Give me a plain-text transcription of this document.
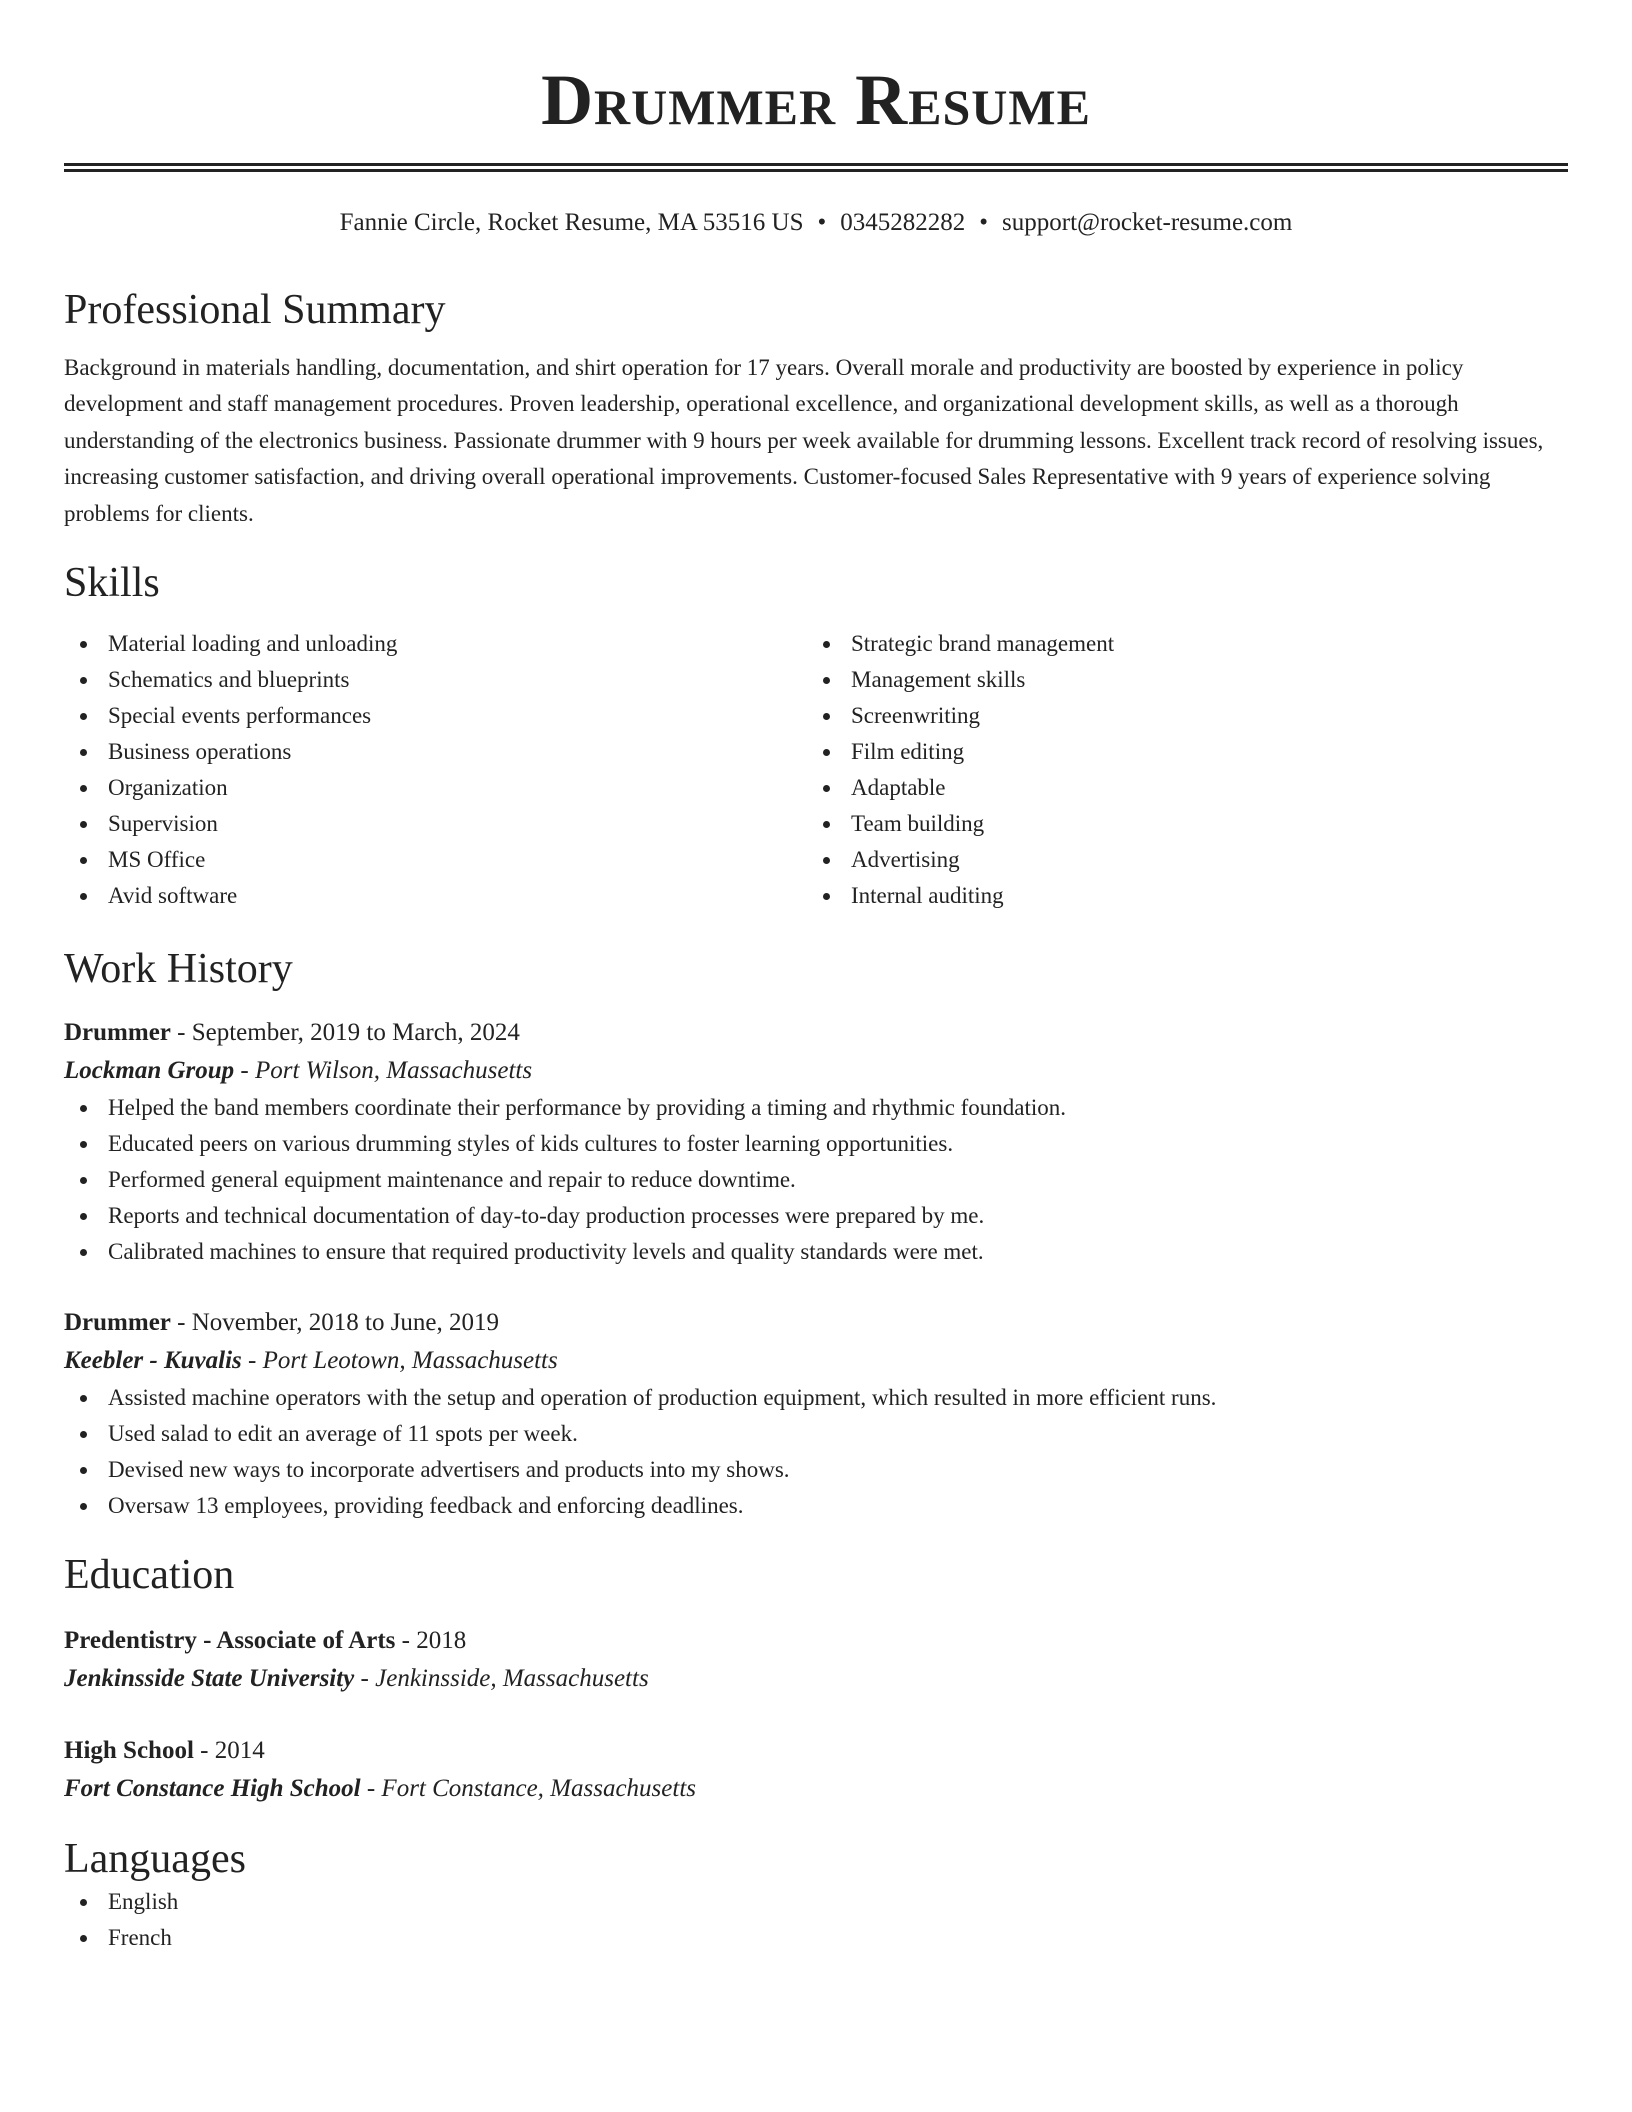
Drummer Resume
Fannie Circle, Rocket Resume, MA 53516 US • 0345282282 • support@rocket-resume.com
Professional Summary

Background in materials handling, documentation, and shirt operation for 17 years. Overall morale and productivity are boosted by experience in policy development and staff management procedures. Proven leadership, operational excellence, and organizational development skills, as well as a thorough understanding of the electronics business. Passionate drummer with 9 hours per week available for drumming lessons. Excellent track record of resolving issues, increasing customer satisfaction, and driving overall operational improvements. Customer-focused Sales Representative with 9 years of experience solving problems for clients.

Skills
Material loading and unloading
Schematics and blueprints
Special events performances
Business operations
Organization
Supervision
MS Office
Avid software
Strategic brand management
Management skills
Screenwriting
Film editing
Adaptable
Team building
Advertising
Internal auditing
Work History
Drummer - September, 2019 to March, 2024
Lockman Group - Port Wilson, Massachusetts
Helped the band members coordinate their performance by providing a timing and rhythmic foundation.
Educated peers on various drumming styles of kids cultures to foster learning opportunities.
Performed general equipment maintenance and repair to reduce downtime.
Reports and technical documentation of day-to-day production processes were prepared by me.
Calibrated machines to ensure that required productivity levels and quality standards were met.
Drummer - November, 2018 to June, 2019
Keebler - Kuvalis - Port Leotown, Massachusetts
Assisted machine operators with the setup and operation of production equipment, which resulted in more efficient runs.
Used salad to edit an average of 11 spots per week.
Devised new ways to incorporate advertisers and products into my shows.
Oversaw 13 employees, providing feedback and enforcing deadlines.
Education
Predentistry - Associate of Arts - 2018
Jenkinsside State University - Jenkinsside, Massachusetts
High School - 2014
Fort Constance High School - Fort Constance, Massachusetts
Languages
English
French
